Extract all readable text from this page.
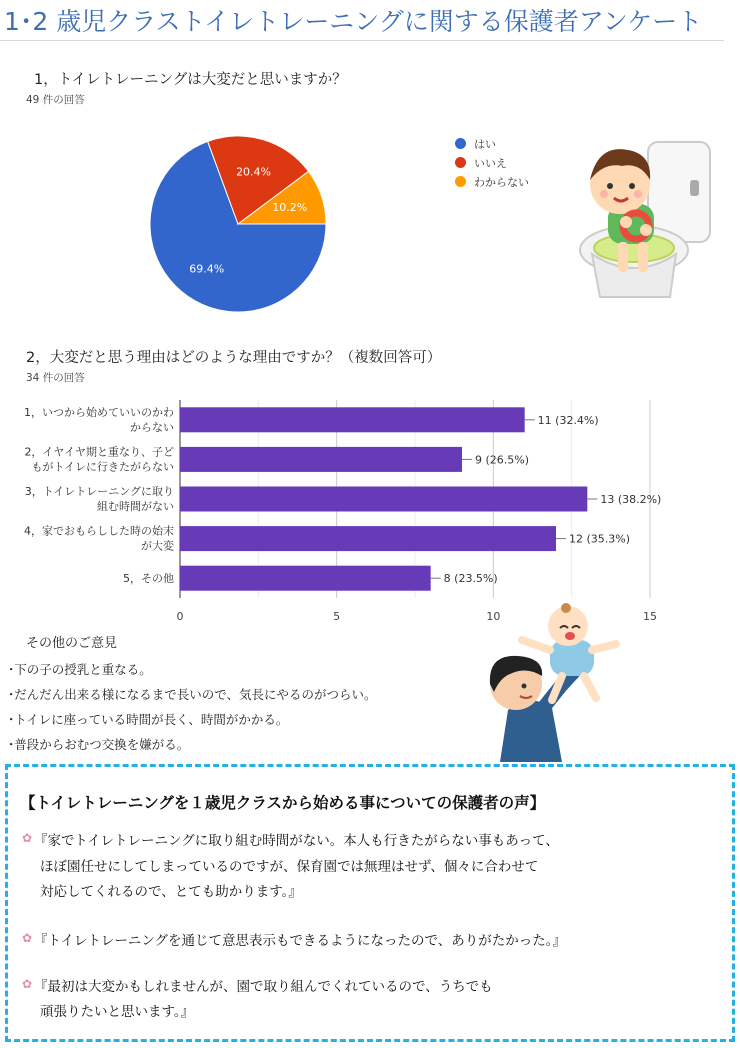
1･2 歳児クラストイレトレーニングに関する保護者アンケート
1，トイレトレーニングは大変だと思いますか？
49 件の回答
69.4%
20.4%
10.2%
はい
いいえ
わからない
2，大変だと思う理由はどのような理由ですか？（複数回答可）
34 件の回答
0	5	10	15
11 (32.4%)
1，いつから始めていいのかわ
からない
9 (26.5%)
2，イヤイヤ期と重なり、子ど
もがトイレに行きたがらない
13 (38.2%)
3，トイレトレーニングに取り
組む時間がない
12 (35.3%)
4，家でおもらしした時の始末
が大変
8 (23.5%)
5，その他
その他のご意見
･下の子の授乳と重なる。
･だんだん出来る様になるまで長いので、気長にやるのがつらい。
･トイレに座っている時間が長く、時間がかかる。
･普段からおむつ交換を嫌がる。
【トイレトレーニングを１歳児クラスから始める事についての保護者の声】
✿ 『家でトイレトレーニングに取り組む時間がない。本人も行きたがらない事もあって、
ほぼ園任せにしてしまっているのですが、保育園では無理はせず、個々に合わせて
対応してくれるので、とても助かります。』
✿ 『トイレトレーニングを通じて意思表示もできるようになったので、ありがたかった。』
✿ 『最初は大変かもしれませんが、園で取り組んでくれているので、うちでも
頑張りたいと思います。』
